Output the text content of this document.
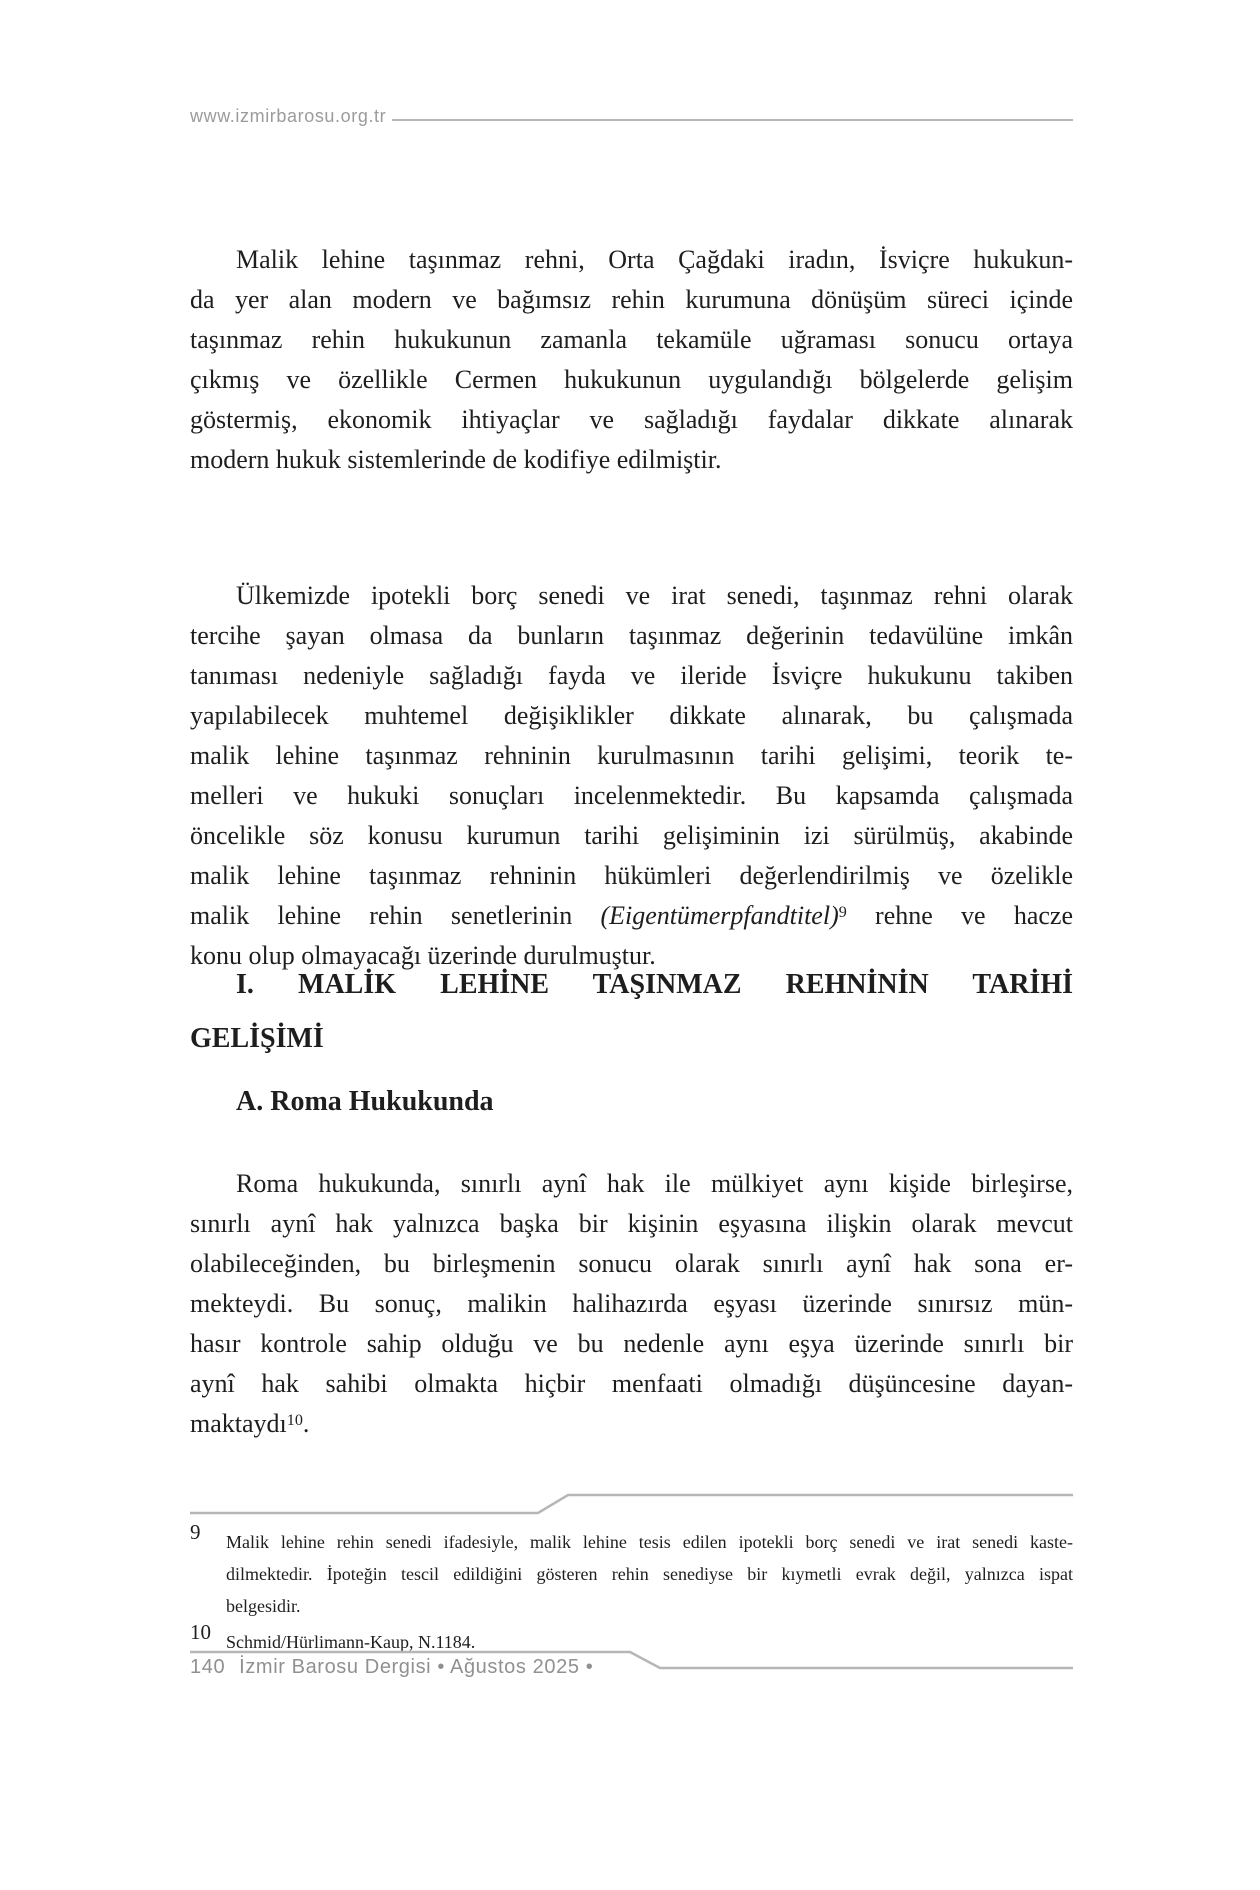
www.izmirbarosu.org.tr
Malik lehine taşınmaz rehni, Orta Çağdaki iradın, İsviçre hukukun-
da yer alan modern ve bağımsız rehin kurumuna dönüşüm süreci içinde
taşınmaz rehin hukukunun zamanla tekamüle uğraması sonucu ortaya
çıkmış ve özellikle Cermen hukukunun uygulandığı bölgelerde gelişim
göstermiş, ekonomik ihtiyaçlar ve sağladığı faydalar dikkate alınarak
modern hukuk sistemlerinde de kodifiye edilmiştir.
Ülkemizde ipotekli borç senedi ve irat senedi, taşınmaz rehni olarak
tercihe şayan olmasa da bunların taşınmaz değerinin tedavülüne imkân
tanıması nedeniyle sağladığı fayda ve ileride İsviçre hukukunu takiben
yapılabilecek muhtemel değişiklikler dikkate alınarak, bu çalışmada
malik lehine taşınmaz rehninin kurulmasının tarihi gelişimi, teorik te-
melleri ve hukuki sonuçları incelenmektedir. Bu kapsamda çalışmada
öncelikle söz konusu kurumun tarihi gelişiminin izi sürülmüş, akabinde
malik lehine taşınmaz rehninin hükümleri değerlendirilmiş ve özelikle
malik lehine rehin senetlerinin (Eigentümerpfandtitel)$^9$ rehne ve hacze
konu olup olmayacağı üzerinde durulmuştur.
I. MALİK LEHİNE TAŞINMAZ REHNİNİN TARİHİ
GELİŞİMİ
A. Roma Hukukunda
Roma hukukunda, sınırlı aynî hak ile mülkiyet aynı kişide birleşirse,
sınırlı aynî hak yalnızca başka bir kişinin eşyasına ilişkin olarak mevcut
olabileceğinden, bu birleşmenin sonucu olarak sınırlı aynî hak sona er-
mekteydi. Bu sonuç, malikin halihazırda eşyası üzerinde sınırsız mün-
hasır kontrole sahip olduğu ve bu nedenle aynı eşya üzerinde sınırlı bir
aynî hak sahibi olmakta hiçbir menfaati olmadığı düşüncesine dayan-
maktaydı$^{10}$.
9 Malik lehine rehin senedi ifadesiyle, malik lehine tesis edilen ipotekli borç senedi ve irat senedi kaste-
dilmektedir. İpoteğin tescil edildiğini gösteren rehin senediyse bir kıymetli evrak değil, yalnızca ispat
belgesidir.
10 Schmid/Hürlimann-Kaup, N.1184.
140 İzmir Barosu Dergisi • Ağustos 2025 •
